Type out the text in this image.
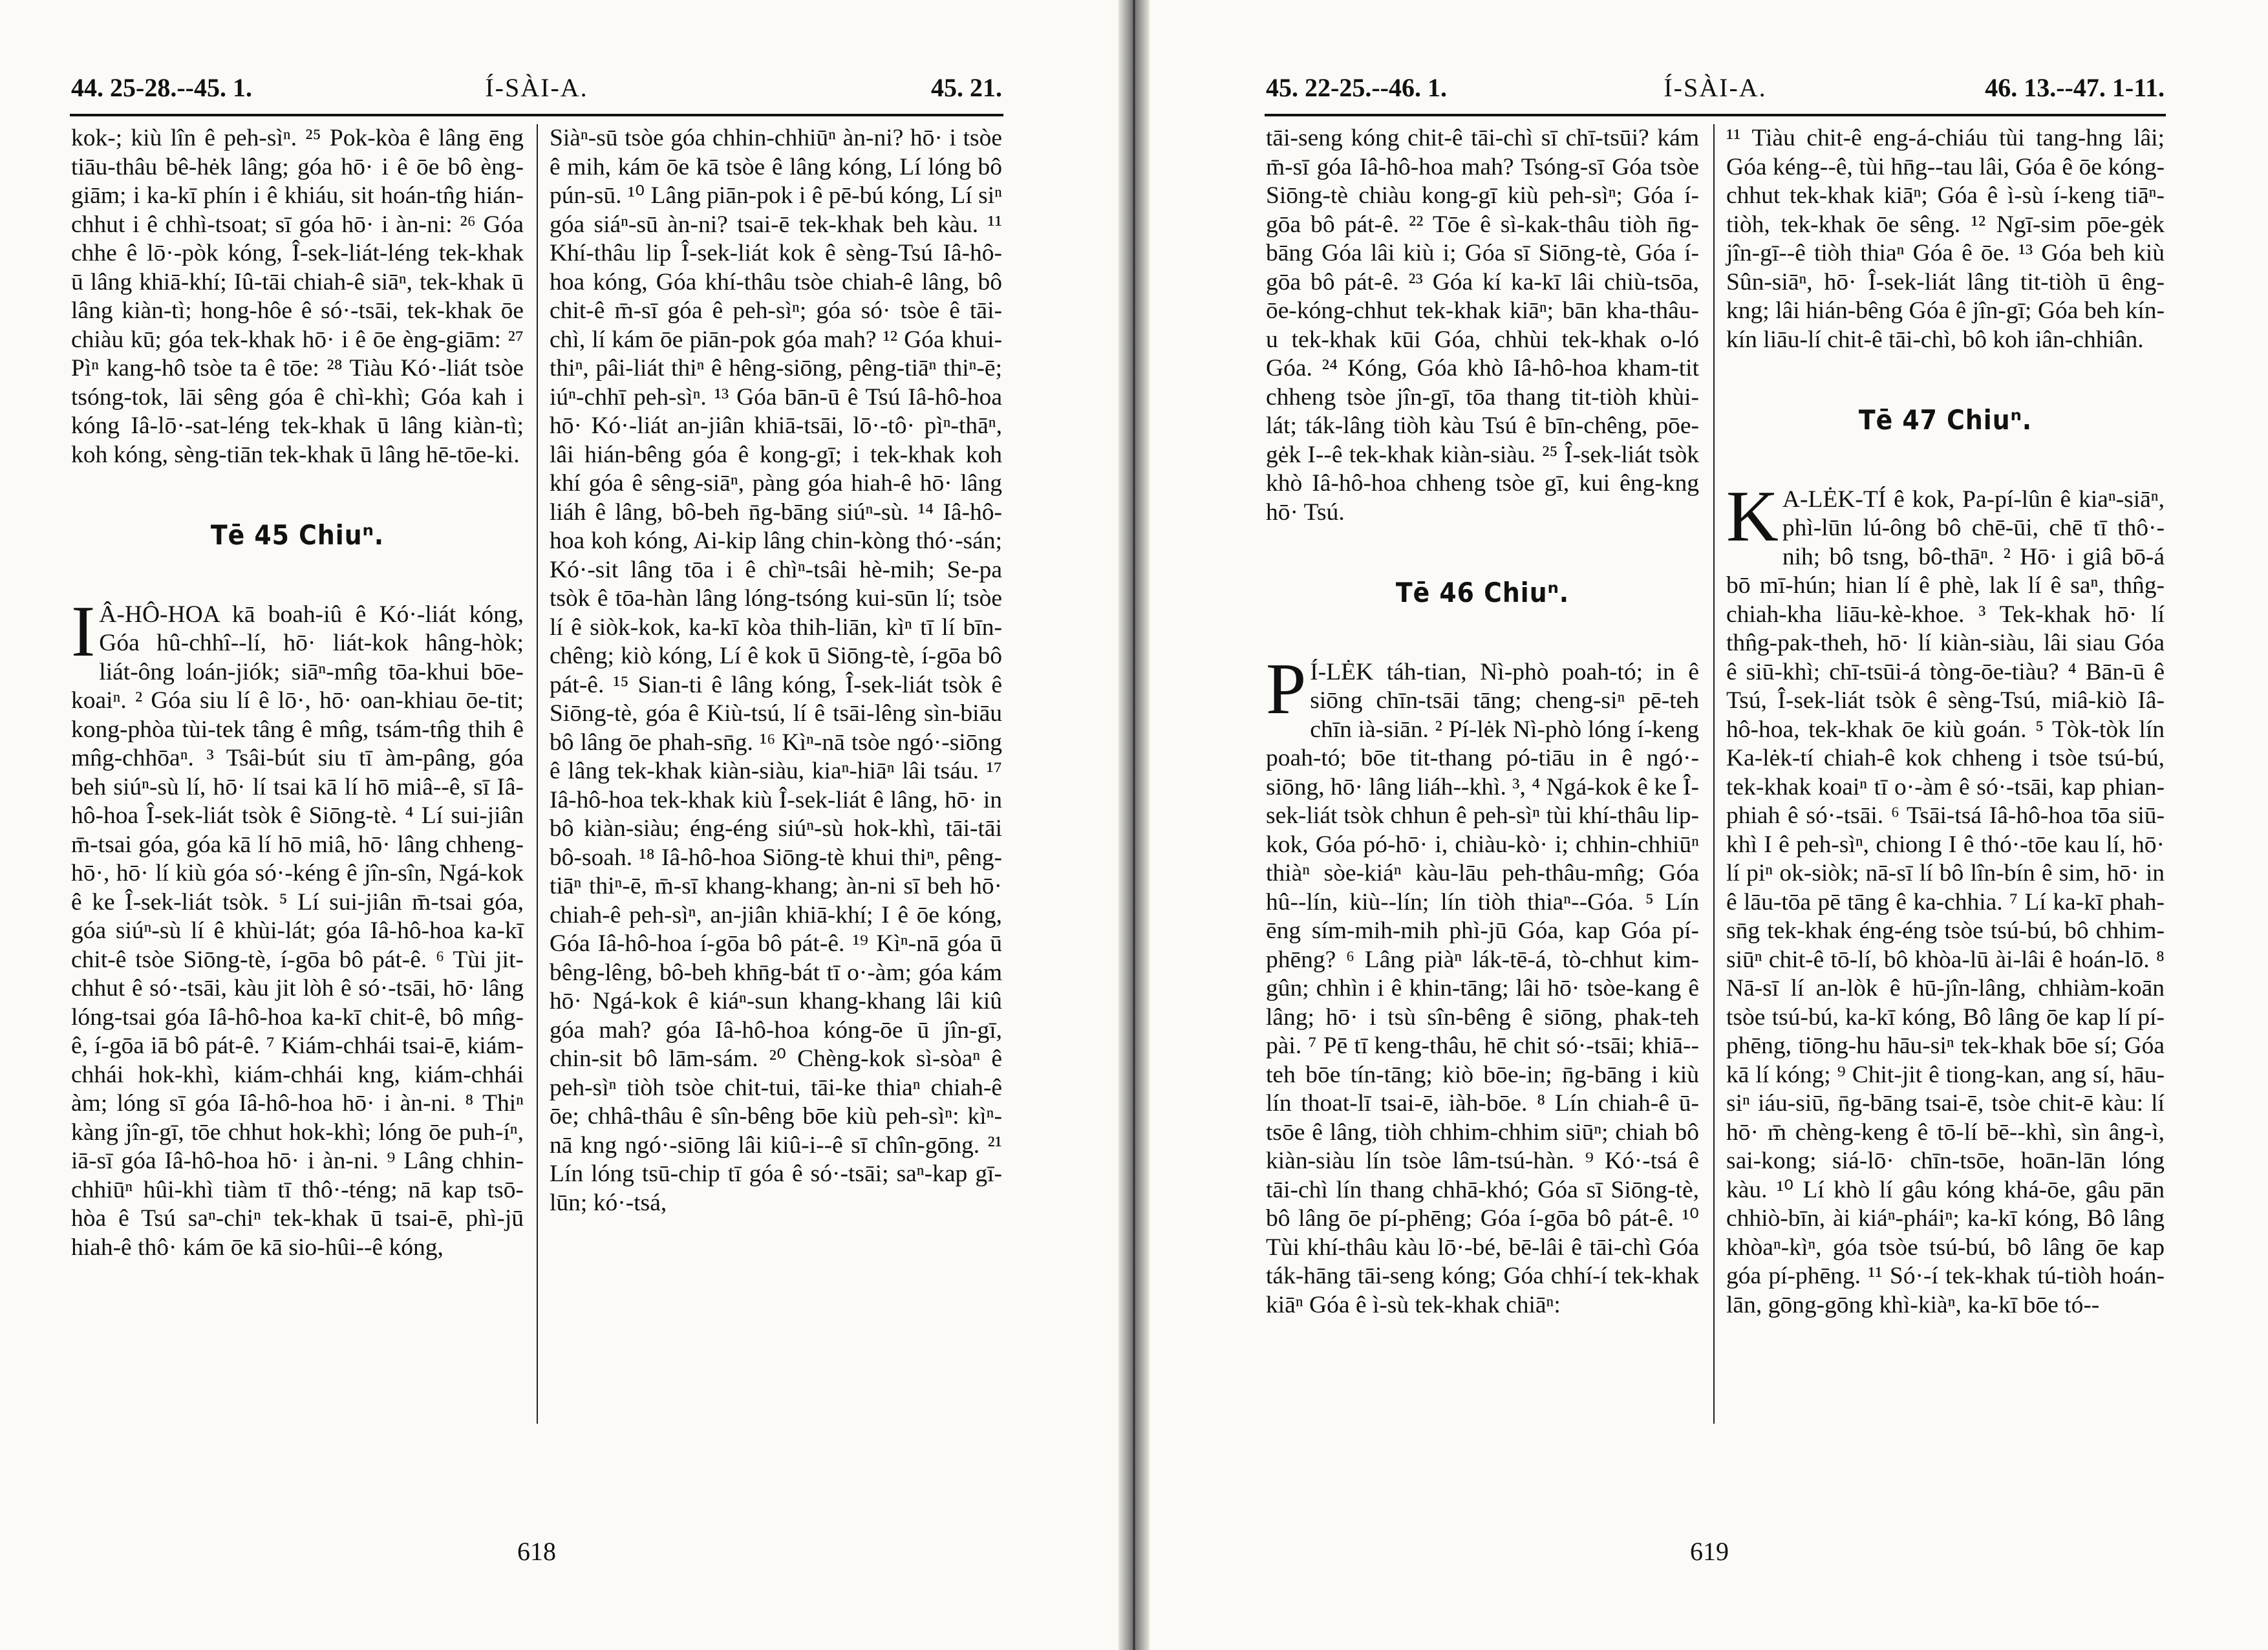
44. 25-28.--45. 1.	Í-SÀI-A.	45. 21.

kok-; kiù lîn ê peh-sìⁿ. ²⁵ Pok-kòa ê lâng ēng tiāu-thâu bê-hėk lâng; góa hō· i ê ōe bô èng-giām; i ka-kī phín i ê khiáu, sit hoán-tn̂g hián-chhut i ê chhì-tsoat; sī góa hō· i àn-ni: ²⁶ Góa chhe ê lō·-pòk kóng, Î-sek-liát-léng tek-khak ū lâng khiā-khí; Iû-tāi chiah-ê siāⁿ, tek-khak ū lâng kiàn-tì; hong-hôe ê só·-tsāi, tek-khak ōe chiàu kū; góa tek-khak hō· i ê ōe èng-giām: ²⁷ Pìⁿ kang-hô tsòe ta ê tōe: ²⁸ Tiàu Kó·-liát tsòe tsóng-tok, lāi sêng góa ê chì-khì; Góa kah i kóng Iâ-lō·-sat-léng tek-khak ū lâng kiàn-tì; koh kóng, sèng-tiān tek-khak ū lâng hē-tōe-ki.

Tē 45 Chiuⁿ.

I Â-HÔ-HOA kā boah-iû ê Kó·-liát kóng, Góa hû-chhî--lí, hō· liát-kok hâng-hòk; liát-ông loán-jiók; siāⁿ-mn̂g tōa-khui bōe-koaiⁿ. ² Góa siu lí ê lō·, hō· oan-khiau ōe-tit; kong-phòa tùi-tek tâng ê mn̂g, tsám-tn̂g thih ê mn̂g-chhōaⁿ. ³ Tsâi-bút siu tī àm-pâng, góa beh siúⁿ-sù lí, hō· lí tsai kā lí hō miâ--ê, sī Iâ-hô-hoa Î-sek-liát tsòk ê Siōng-tè. ⁴ Lí sui-jiân m̄-tsai góa, góa kā lí hō miâ, hō· lâng chheng-hō·, hō· lí kiù góa só·-kéng ê jîn-sîn, Ngá-kok ê ke Î-sek-liát tsòk. ⁵ Lí sui-jiân m̄-tsai góa, góa siúⁿ-sù lí ê khùi-lát; góa Iâ-hô-hoa ka-kī chit-ê tsòe Siōng-tè, í-gōa bô pát-ê. ⁶ Tùi jit-chhut ê só·-tsāi, kàu jit lòh ê só·-tsāi, hō· lâng lóng-tsai góa Iâ-hô-hoa ka-kī chit-ê, bô mn̂g-ê, í-gōa iā bô pát-ê. ⁷ Kiám-chhái tsai-ē, kiám-chhái hok-khì, kiám-chhái kng, kiám-chhái àm; lóng sī góa Iâ-hô-hoa hō· i àn-ni. ⁸ Thiⁿ kàng jîn-gī, tōe chhut hok-khì; lóng ōe puh-íⁿ, iā-sī góa Iâ-hô-hoa hō· i àn-ni. ⁹ Lâng chhin-chhiūⁿ hûi-khì tiàm tī thô·-téng; nā kap tsō-hòa ê Tsú saⁿ-chiⁿ tek-khak ū tsai-ē, phì-jū hiah-ê thô· kám ōe kā sio-hûi--ê kóng,

Siàⁿ-sū tsòe góa chhin-chhiūⁿ àn-ni? hō· i tsòe ê mih, kám ōe kā tsòe ê lâng kóng, Lí lóng bô pún-sū. ¹⁰ Lâng piān-pok i ê pē-bú kóng, Lí siⁿ góa siáⁿ-sū àn-ni? tsai-ē tek-khak beh kàu. ¹¹ Khí-thâu lip Î-sek-liát kok ê sèng-Tsú Iâ-hô-hoa kóng, Góa khí-thâu tsòe chiah-ê lâng, bô chit-ê m̄-sī góa ê peh-sìⁿ; góa só· tsòe ê tāi-chì, lí kám ōe piān-pok góa mah? ¹² Góa khui-thiⁿ, pâi-liát thiⁿ ê hêng-siōng, pêng-tiāⁿ thiⁿ-ē; iúⁿ-chhī peh-sìⁿ. ¹³ Góa bān-ū ê Tsú Iâ-hô-hoa hō· Kó·-liát an-jiân khiā-tsāi, lō·-tô· pìⁿ-thāⁿ, lâi hián-bêng góa ê kong-gī; i tek-khak koh khí góa ê sêng-siāⁿ, pàng góa hiah-ê hō· lâng liáh ê lâng, bô-beh n̄g-bāng siúⁿ-sù. ¹⁴ Iâ-hô-hoa koh kóng, Ai-kip lâng chin-kòng thó·-sán; Kó·-sit lâng tōa i ê chìⁿ-tsâi hè-mih; Se-pa tsòk ê tōa-hàn lâng lóng-tsóng kui-sūn lí; tsòe lí ê siòk-kok, ka-kī kòa thih-liān, kìⁿ tī lí bīn-chêng; kiò kóng, Lí ê kok ū Siōng-tè, í-gōa bô pát-ê. ¹⁵ Sian-ti ê lâng kóng, Î-sek-liát tsòk ê Siōng-tè, góa ê Kiù-tsú, lí ê tsāi-lêng sìn-biāu bô lâng ōe phah-sn̄g. ¹⁶ Kìⁿ-nā tsòe ngó·-siōng ê lâng tek-khak kiàn-siàu, kiaⁿ-hiāⁿ lâi tsáu. ¹⁷ Iâ-hô-hoa tek-khak kiù Î-sek-liát ê lâng, hō· in bô kiàn-siàu; éng-éng siúⁿ-sù hok-khì, tāi-tāi bô-soah. ¹⁸ Iâ-hô-hoa Siōng-tè khui thiⁿ, pêng-tiāⁿ thiⁿ-ē, m̄-sī khang-khang; àn-ni sī beh hō· chiah-ê peh-sìⁿ, an-jiân khiā-khí; I ê ōe kóng, Góa Iâ-hô-hoa í-gōa bô pát-ê. ¹⁹ Kìⁿ-nā góa ū bêng-lêng, bô-beh khn̄g-bát tī o·-àm; góa kám hō· Ngá-kok ê kiáⁿ-sun khang-khang lâi kiû góa mah? góa Iâ-hô-hoa kóng-ōe ū jîn-gī, chin-sit bô lām-sám. ²⁰ Chèng-kok sì-sòaⁿ ê peh-sìⁿ tiòh tsòe chit-tui, tāi-ke thiaⁿ chiah-ê ōe; chhâ-thâu ê sîn-bêng bōe kiù peh-sìⁿ: kìⁿ-nā kng ngó·-siōng lâi kiû-i--ê sī chîn-gōng. ²¹ Lín lóng tsū-chip tī góa ê só·-tsāi; saⁿ-kap gī-lūn; kó·-tsá,

618
45. 22-25.--46. 1.	Í-SÀI-A.	46. 13.--47. 1-11.

tāi-seng kóng chit-ê tāi-chì sī chī-tsūi? kám m̄-sī góa Iâ-hô-hoa mah? Tsóng-sī Góa tsòe Siōng-tè chiàu kong-gī kiù peh-sìⁿ; Góa í-gōa bô pát-ê. ²² Tōe ê sì-kak-thâu tiòh n̄g-bāng Góa lâi kiù i; Góa sī Siōng-tè, Góa í-gōa bô pát-ê. ²³ Góa kí ka-kī lâi chiù-tsōa, ōe-kóng-chhut tek-khak kiāⁿ; bān kha-thâu-u tek-khak kūi Góa, chhùi tek-khak o-ló Góa. ²⁴ Kóng, Góa khò Iâ-hô-hoa kham-tit chheng tsòe jîn-gī, tōa thang tit-tiòh khùi-lát; ták-lâng tiòh kàu Tsú ê bīn-chêng, pōe-gėk I--ê tek-khak kiàn-siàu. ²⁵ Î-sek-liát tsòk khò Iâ-hô-hoa chheng tsòe gī, kui êng-kng hō· Tsú.

Tē 46 Chiuⁿ.

P Í-LĖK táh-tian, Nì-phò poah-tó; in ê siōng chīn-tsāi tāng; cheng-siⁿ pē-teh chīn ià-siān. ² Pí-lėk Nì-phò lóng í-keng poah-tó; bōe tit-thang pó-tiāu in ê ngó·-siōng, hō· lâng liáh--khì. ³, ⁴ Ngá-kok ê ke Î-sek-liát tsòk chhun ê peh-sìⁿ tùi khí-thâu lip-kok, Góa pó-hō· i, chiàu-kò· i; chhin-chhiūⁿ thiàⁿ sòe-kiáⁿ kàu-lāu peh-thâu-mn̂g; Góa hû--lín, kiù--lín; lín tiòh thiaⁿ--Góa. ⁵ Lín ēng sím-mih-mih phì-jū Góa, kap Góa pí-phēng? ⁶ Lâng piàⁿ lák-tē-á, tò-chhut kim-gûn; chhìn i ê khin-tāng; lâi hō· tsòe-kang ê lâng; hō· i tsù sîn-bêng ê siōng, phak-teh pài. ⁷ Pē tī keng-thâu, hē chit só·-tsāi; khiā--teh bōe tín-tāng; kiò bōe-in; n̄g-bāng i kiù lín thoat-lī tsai-ē, iàh-bōe. ⁸ Lín chiah-ê ū-tsōe ê lâng, tiòh chhim-chhim siūⁿ; chiah bô kiàn-siàu lín tsòe lâm-tsú-hàn. ⁹ Kó·-tsá ê tāi-chì lín thang chhā-khó; Góa sī Siōng-tè, bô lâng ōe pí-phēng; Góa í-gōa bô pát-ê. ¹⁰ Tùi khí-thâu kàu lō·-bé, bē-lâi ê tāi-chì Góa ták-hāng tāi-seng kóng; Góa chhí-í tek-khak kiāⁿ Góa ê ì-sù tek-khak chiāⁿ:

¹¹ Tiàu chit-ê eng-á-chiáu tùi tang-hng lâi; Góa kéng--ê, tùi hn̄g--tau lâi, Góa ê ōe kóng-chhut tek-khak kiāⁿ; Góa ê ì-sù í-keng tiāⁿ-tiòh, tek-khak ōe sêng. ¹² Ngī-sim pōe-gėk jîn-gī--ê tiòh thiaⁿ Góa ê ōe. ¹³ Góa beh kiù Sûn-siāⁿ, hō· Î-sek-liát lâng tit-tiòh ū êng-kng; lâi hián-bêng Góa ê jîn-gī; Góa beh kín-kín liāu-lí chit-ê tāi-chì, bô koh iân-chhiân.

Tē 47 Chiuⁿ.

K A-LĖK-TÍ ê kok, Pa-pí-lûn ê kiaⁿ-siāⁿ, phì-lūn lú-ông bô chē-ūi, chē tī thô·-nih; bô tsng, bô-thāⁿ. ² Hō· i giâ bō-á bō mī-hún; hian lí ê phè, lak lí ê saⁿ, thn̂g-chiah-kha liāu-kè-khoe. ³ Tek-khak hō· lí thn̂g-pak-theh, hō· lí kiàn-siàu, lâi siau Góa ê siū-khì; chī-tsūi-á tòng-ōe-tiàu? ⁴ Bān-ū ê Tsú, Î-sek-liát tsòk ê sèng-Tsú, miâ-kiò Iâ-hô-hoa, tek-khak ōe kiù goán. ⁵ Tòk-tòk lín Ka-lėk-tí chiah-ê kok chheng i tsòe tsú-bú, tek-khak koaiⁿ tī o·-àm ê só·-tsāi, kap phian-phiah ê só·-tsāi. ⁶ Tsāi-tsá Iâ-hô-hoa tōa siū-khì I ê peh-sìⁿ, chiong I ê thó·-tōe kau lí, hō· lí piⁿ ok-siòk; nā-sī lí bô lîn-bín ê sim, hō· in ê lāu-tōa pē tāng ê ka-chhia. ⁷ Lí ka-kī phah-sn̄g tek-khak éng-éng tsòe tsú-bú, bô chhim-siūⁿ chit-ê tō-lí, bô khòa-lū ài-lâi ê hoán-lō. ⁸ Nā-sī lí an-lòk ê hū-jîn-lâng, chhiàm-koān tsòe tsú-bú, ka-kī kóng, Bô lâng ōe kap lí pí-phēng, tiōng-hu hāu-siⁿ tek-khak bōe sí; Góa kā lí kóng; ⁹ Chit-jit ê tiong-kan, ang sí, hāu-siⁿ iáu-siū, n̄g-bāng tsai-ē, tsòe chit-ē kàu: lí hō· m̄ chèng-keng ê tō-lí bē--khì, sìn âng-ì, sai-kong; siá-lō· chīn-tsōe, hoān-lān lóng kàu. ¹⁰ Lí khò lí gâu kóng khá-ōe, gâu pān chhiò-bīn, ài kiáⁿ-pháiⁿ; ka-kī kóng, Bô lâng khòaⁿ-kìⁿ, góa tsòe tsú-bú, bô lâng ōe kap góa pí-phēng. ¹¹ Só·-í tek-khak tú-tiòh hoán-lān, gōng-gōng khì-kiàⁿ, ka-kī bōe tó--

619
